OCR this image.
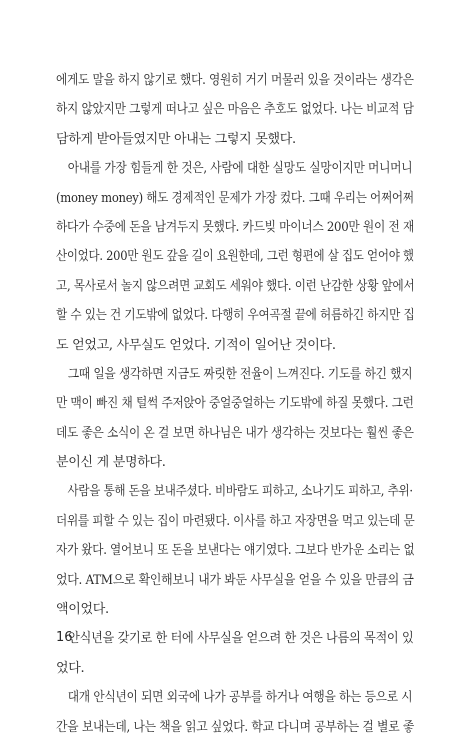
에게도 말을 하지 않기로 했다. 영원히 거기 머물러 있을 것이라는 생각은
하지 않았지만 그렇게 떠나고 싶은 마음은 추호도 없었다. 나는 비교적 담
담하게 받아들였지만 아내는 그렇지 못했다.
아내를 가장 힘들게 한 것은, 사람에 대한 실망도 실망이지만 머니머니
(money money) 해도 경제적인 문제가 가장 컸다. 그때 우리는 어쩌어쩌
하다가 수중에 돈을 남겨두지 못했다. 카드빚 마이너스 200만 원이 전 재
산이었다. 200만 원도 갚을 길이 요원한데, 그런 형편에 살 집도 얻어야 했
고, 목사로서 놀지 않으려면 교회도 세워야 했다. 이런 난감한 상황 앞에서
할 수 있는 건 기도밖에 없었다. 다행히 우여곡절 끝에 허름하긴 하지만 집
도 얻었고, 사무실도 얻었다. 기적이 일어난 것이다.
그때 일을 생각하면 지금도 짜릿한 전율이 느껴진다. 기도를 하긴 했지
만 맥이 빠진 채 털썩 주저앉아 중얼중얼하는 기도밖에 하질 못했다. 그런
데도 좋은 소식이 온 걸 보면 하나님은 내가 생각하는 것보다는 훨씬 좋은
분이신 게 분명하다.
사람을 통해 돈을 보내주셨다. 비바람도 피하고, 소나기도 피하고, 추위·
더위를 피할 수 있는 집이 마련됐다. 이사를 하고 자장면을 먹고 있는데 문
자가 왔다. 열어보니 또 돈을 보낸다는 얘기였다. 그보다 반가운 소리는 없
었다. ATM으로 확인해보니 내가 봐둔 사무실을 얻을 수 있을 만큼의 금
액이었다.
안식년을 갖기로 한 터에 사무실을 얻으려 한 것은 나름의 목적이 있
었다.
대개 안식년이 되면 외국에 나가 공부를 하거나 여행을 하는 등으로 시
간을 보내는데, 나는 책을 읽고 싶었다. 학교 다니며 공부하는 걸 별로 좋
16
